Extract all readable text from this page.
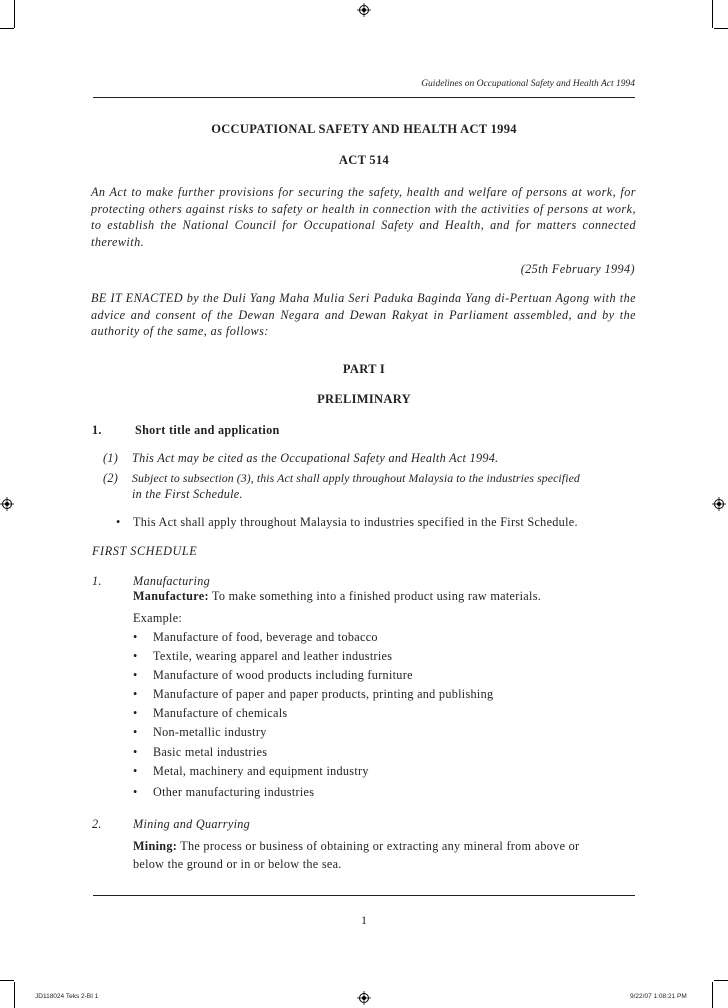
Guidelines on Occupational Safety and Health Act 1994
OCCUPATIONAL SAFETY AND HEALTH ACT 1994
ACT 514
An Act to make further provisions for securing the safety, health and welfare of persons at work, for protecting others against risks to safety or health in connection with the activities of persons at work, to establish the National Council for Occupational Safety and Health, and for matters connected therewith.
(25th February 1994)
BE IT ENACTED by the Duli Yang Maha Mulia Seri Paduka Baginda Yang di-Pertuan Agong with the advice and consent of the Dewan Negara and Dewan Rakyat in Parliament assembled, and by the authority of the same, as follows:
PART I
PRELIMINARY
1.	Short title and application
(1) This Act may be cited as the Occupational Safety and Health Act 1994.
(2) Subject to subsection (3), this Act shall apply throughout Malaysia to the industries specified
in the First Schedule.
• This Act shall apply throughout Malaysia to industries specified in the First Schedule.
FIRST SCHEDULE
1.	Manufacturing
Manufacture: To make something into a finished product using raw materials.
Example:
• Manufacture of food, beverage and tobacco
• Textile, wearing apparel and leather industries
• Manufacture of wood products including furniture
• Manufacture of paper and paper products, printing and publishing
• Manufacture of chemicals
• Non-metallic industry
• Basic metal industries
• Metal, machinery and equipment industry
• Other manufacturing industries
2.	Mining and Quarrying
Mining: The process or business of obtaining or extracting any mineral from above or
below the ground or in or below the sea.
1
JD118024 Teks 2-BI 1	9/22/07 1:08:21 PM
